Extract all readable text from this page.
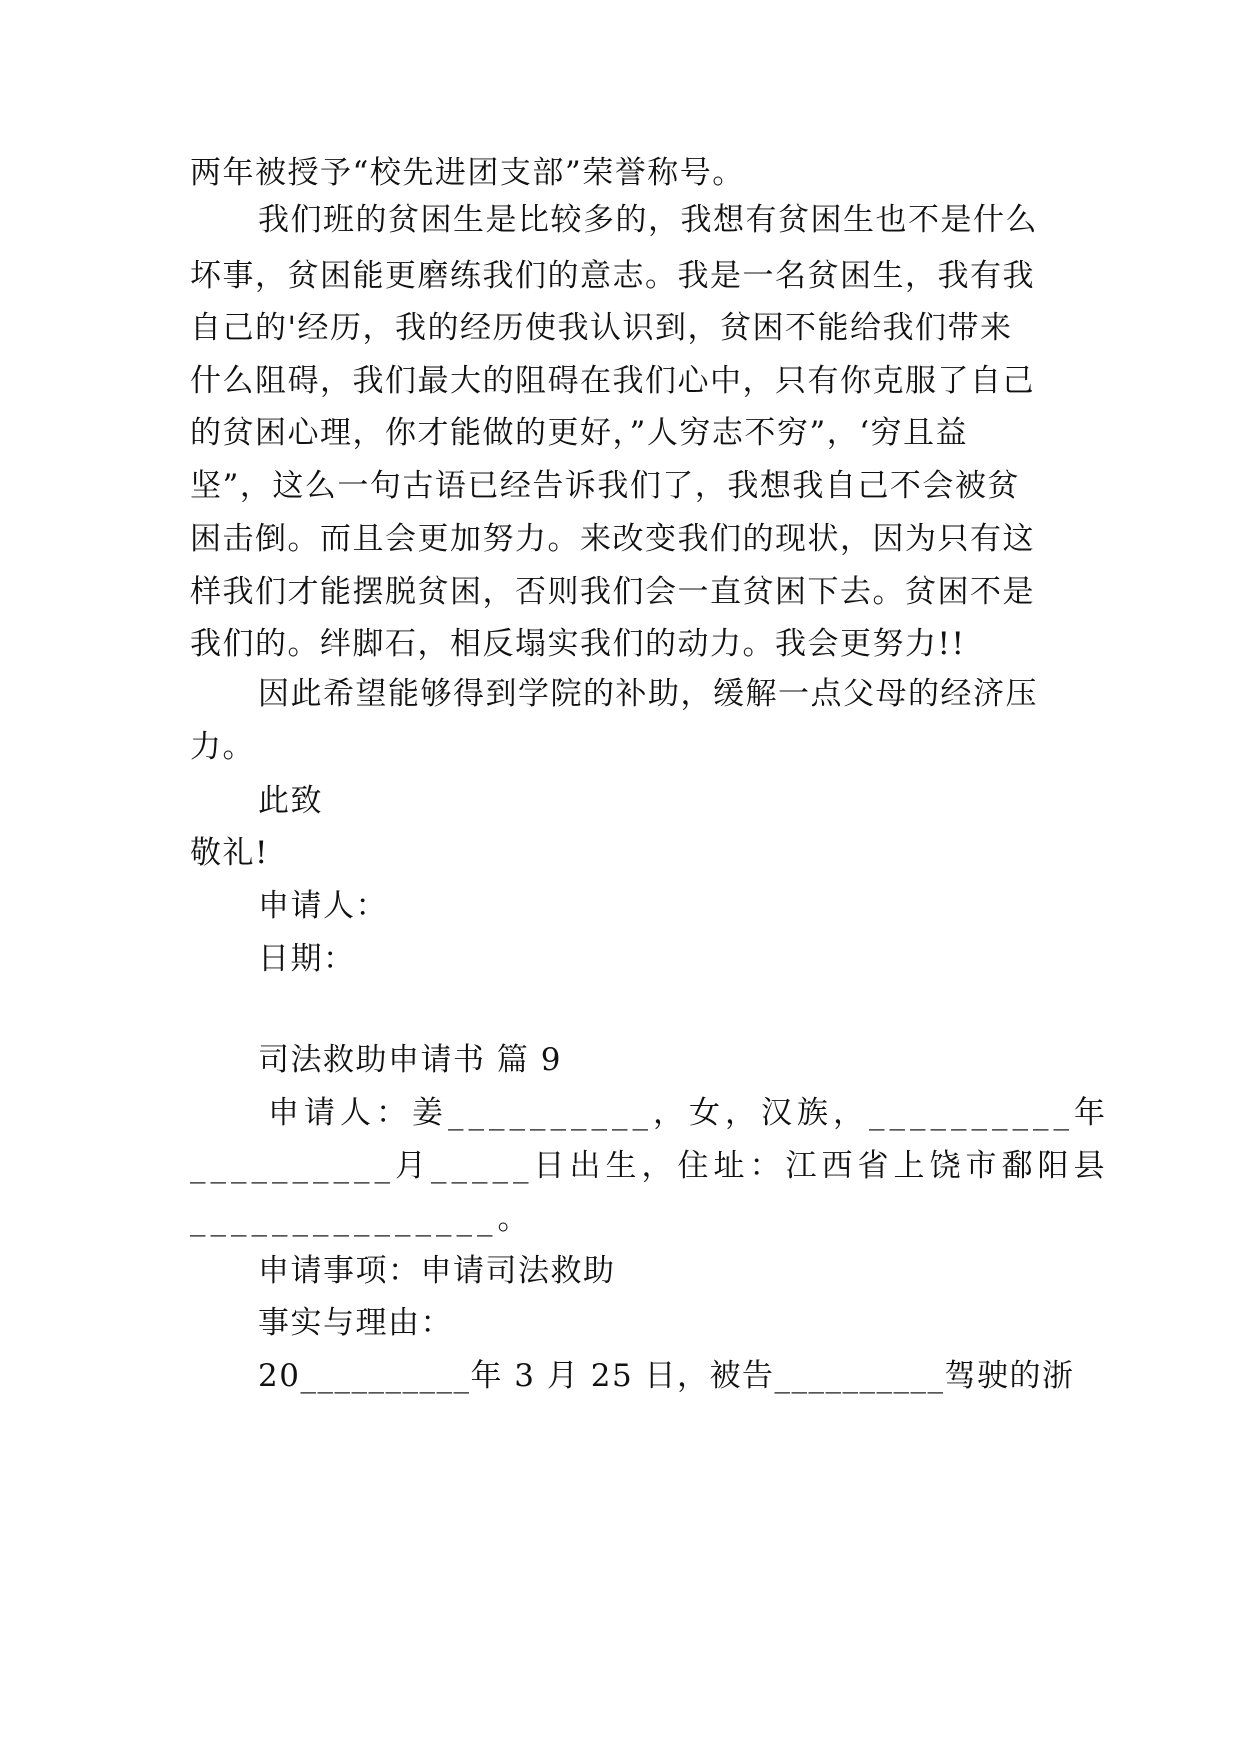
两年被授予“校先进团支部”荣誉称号。
我们班的贫困生是比较多的，我想有贫困生也不是什么
坏事，贫困能更磨练我们的意志。我是一名贫困生，我有我
自己的'经历，我的经历使我认识到，贫困不能给我们带来
什么阻碍，我们最大的阻碍在我们心中，只有你克服了自己
的贫困心理，你才能做的更好，”人穷志不穷”，‘穷且益
坚”，这么一句古语已经告诉我们了，我想我自己不会被贫
困击倒。而且会更加努力。来改变我们的现状，因为只有这
样我们才能摆脱贫困，否则我们会一直贫困下去。贫困不是
我们的。绊脚石，相反塌实我们的动力。我会更努力!!
因此希望能够得到学院的补助，缓解一点父母的经济压
力。
此致
敬礼!
申请人：
日期：
司法救助申请书 篇 9
申请人：姜__________，女，汉族，__________年
__________月_____日出生，住址：江西省上饶市鄱阳县
_______________。
申请事项：申请司法救助
事实与理由：
20__________年 3 月 25 日，被告__________驾驶的浙
